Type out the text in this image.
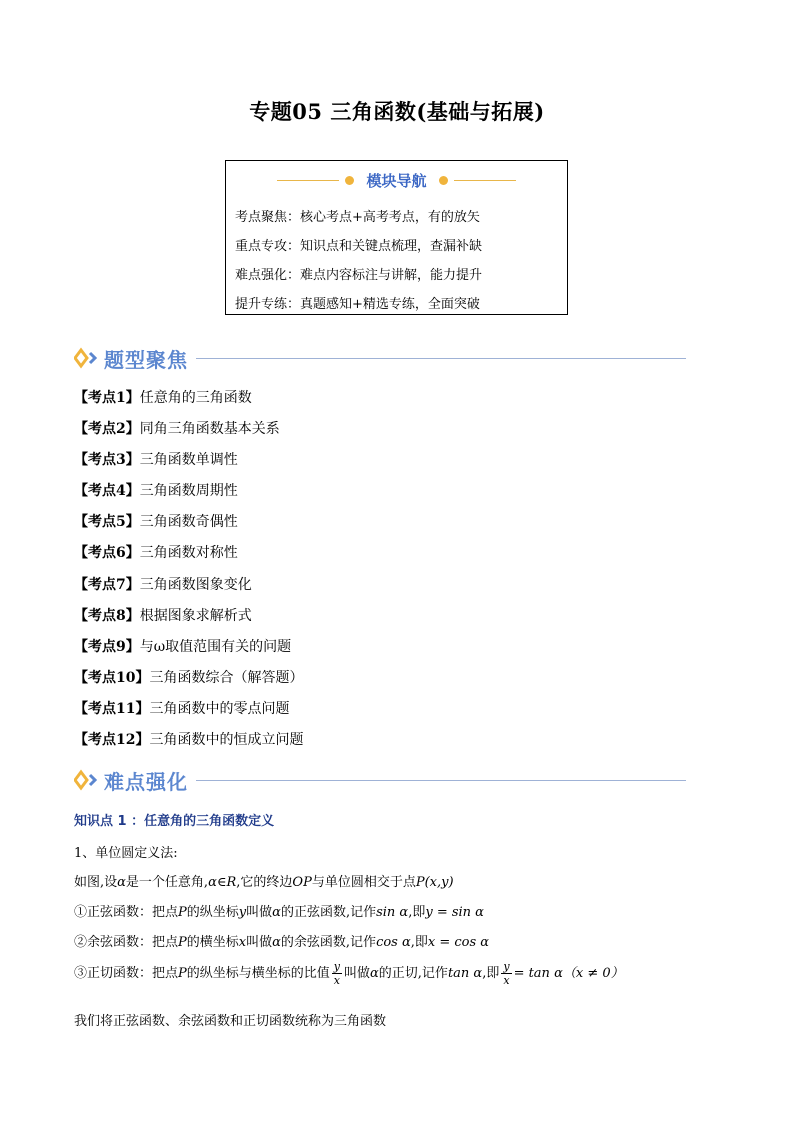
专题05 三角函数(基础与拓展)
模块导航
考点聚焦：核心考点+高考考点，有的放矢
重点专攻：知识点和关键点梳理，查漏补缺
难点强化：难点内容标注与讲解，能力提升
提升专练：真题感知+精选专练，全面突破
题型聚焦
【考点1】任意角的三角函数
【考点2】同角三角函数基本关系
【考点3】三角函数单调性
【考点4】三角函数周期性
【考点5】三角函数奇偶性
【考点6】三角函数对称性
【考点7】三角函数图象变化
【考点8】根据图象求解析式
【考点9】与ω取值范围有关的问题
【考点10】三角函数综合（解答题）
【考点11】三角函数中的零点问题
【考点12】三角函数中的恒成立问题
难点强化
知识点 1 ：任意角的三角函数定义
1、单位圆定义法:
如图,设α是一个任意角,α∈R,它的终边OP与单位圆相交于点P(x,y)
①正弦函数：把点P的纵坐标y叫做α的正弦函数,记作sin α,即y = sin α
②余弦函数：把点P的横坐标x叫做α的余弦函数,记作cos α,即x = cos α
③正切函数：把点P的纵坐标与横坐标的比值 $\frac{y}{x}$ 叫做α的正切,记作tan α,即 $\frac{y}{x} = \tan \alpha(x \ne 0)$
我们将正弦函数、余弦函数和正切函数统称为三角函数
